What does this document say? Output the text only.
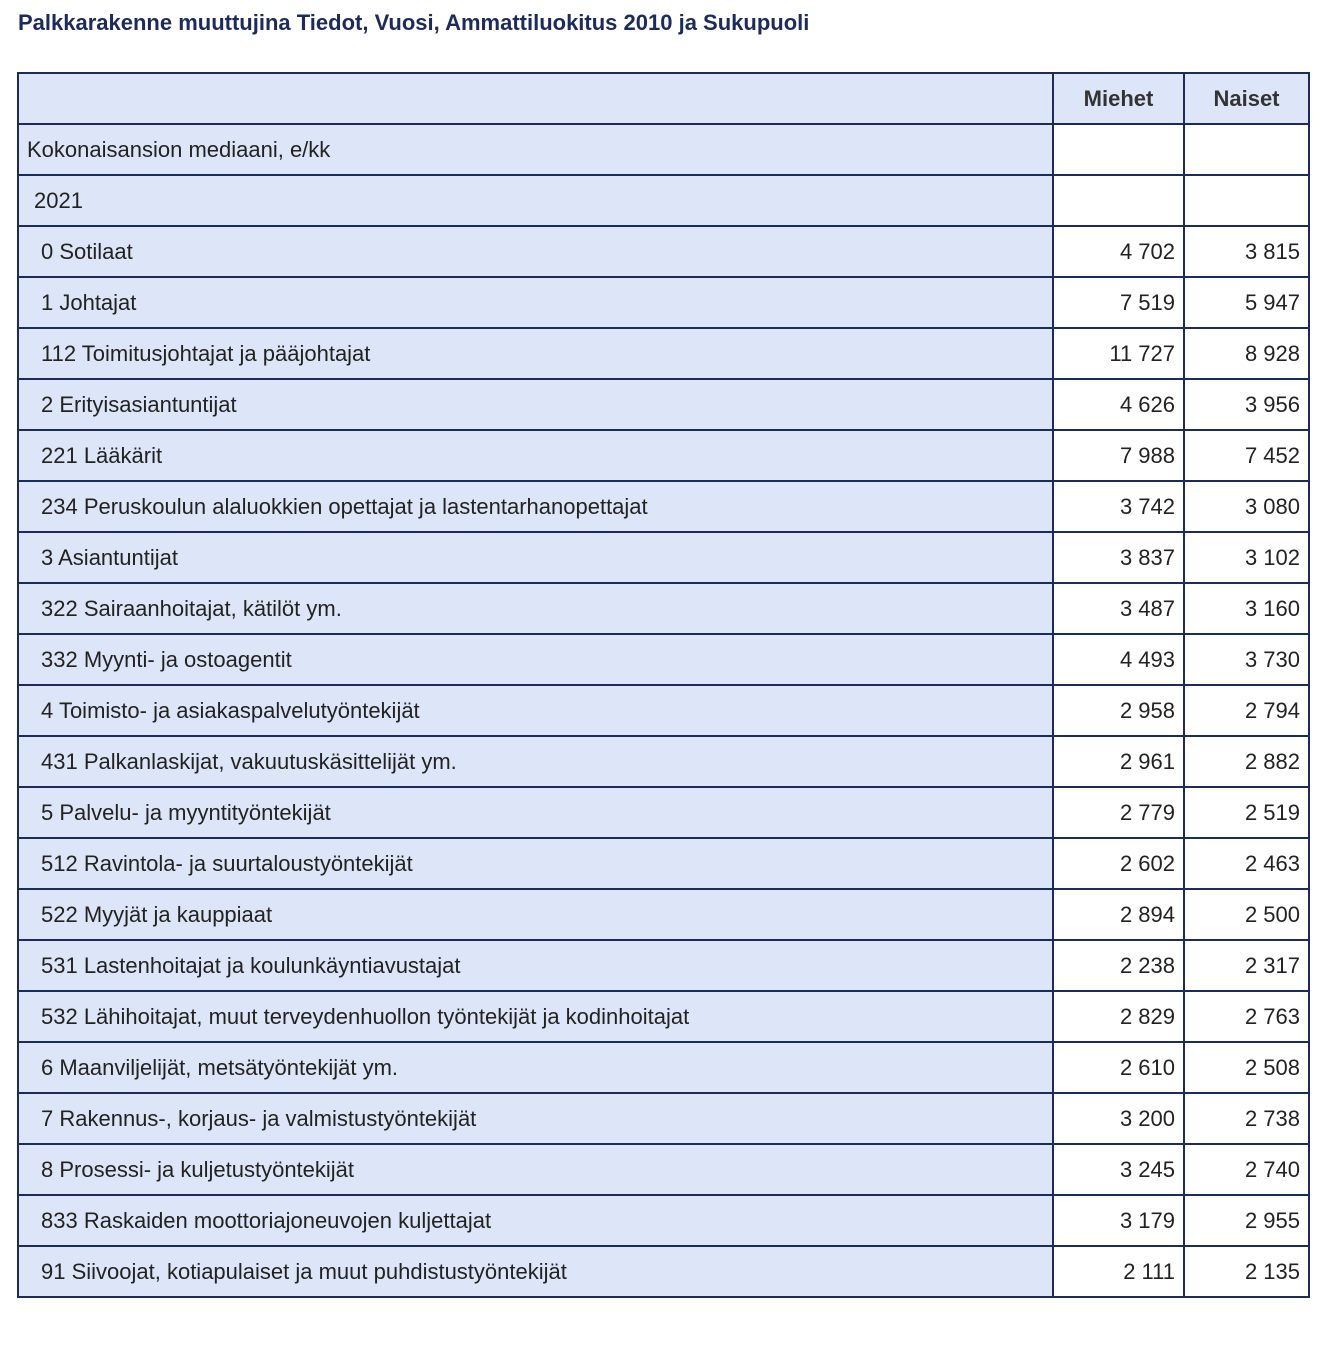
Palkkarakenne muuttujina Tiedot, Vuosi, Ammattiluokitus 2010 ja Sukupuoli
	Miehet	Naiset
Kokonaisansion mediaani, e/kk		
2021		
0 Sotilaat	4 702	3 815
1 Johtajat	7 519	5 947
112 Toimitusjohtajat ja pääjohtajat	11 727	8 928
2 Erityisasiantuntijat	4 626	3 956
221 Lääkärit	7 988	7 452
234 Peruskoulun alaluokkien opettajat ja lastentarhanopettajat	3 742	3 080
3 Asiantuntijat	3 837	3 102
322 Sairaanhoitajat, kätilöt ym.	3 487	3 160
332 Myynti- ja ostoagentit	4 493	3 730
4 Toimisto- ja asiakaspalvelutyöntekijät	2 958	2 794
431 Palkanlaskijat, vakuutuskäsittelijät ym.	2 961	2 882
5 Palvelu- ja myyntityöntekijät	2 779	2 519
512 Ravintola- ja suurtaloustyöntekijät	2 602	2 463
522 Myyjät ja kauppiaat	2 894	2 500
531 Lastenhoitajat ja koulunkäyntiavustajat	2 238	2 317
532 Lähihoitajat, muut terveydenhuollon työntekijät ja kodinhoitajat	2 829	2 763
6 Maanviljelijät, metsätyöntekijät ym.	2 610	2 508
7 Rakennus-, korjaus- ja valmistustyöntekijät	3 200	2 738
8 Prosessi- ja kuljetustyöntekijät	3 245	2 740
833 Raskaiden moottoriajoneuvojen kuljettajat	3 179	2 955
91 Siivoojat, kotiapulaiset ja muut puhdistustyöntekijät	2 111	2 135
